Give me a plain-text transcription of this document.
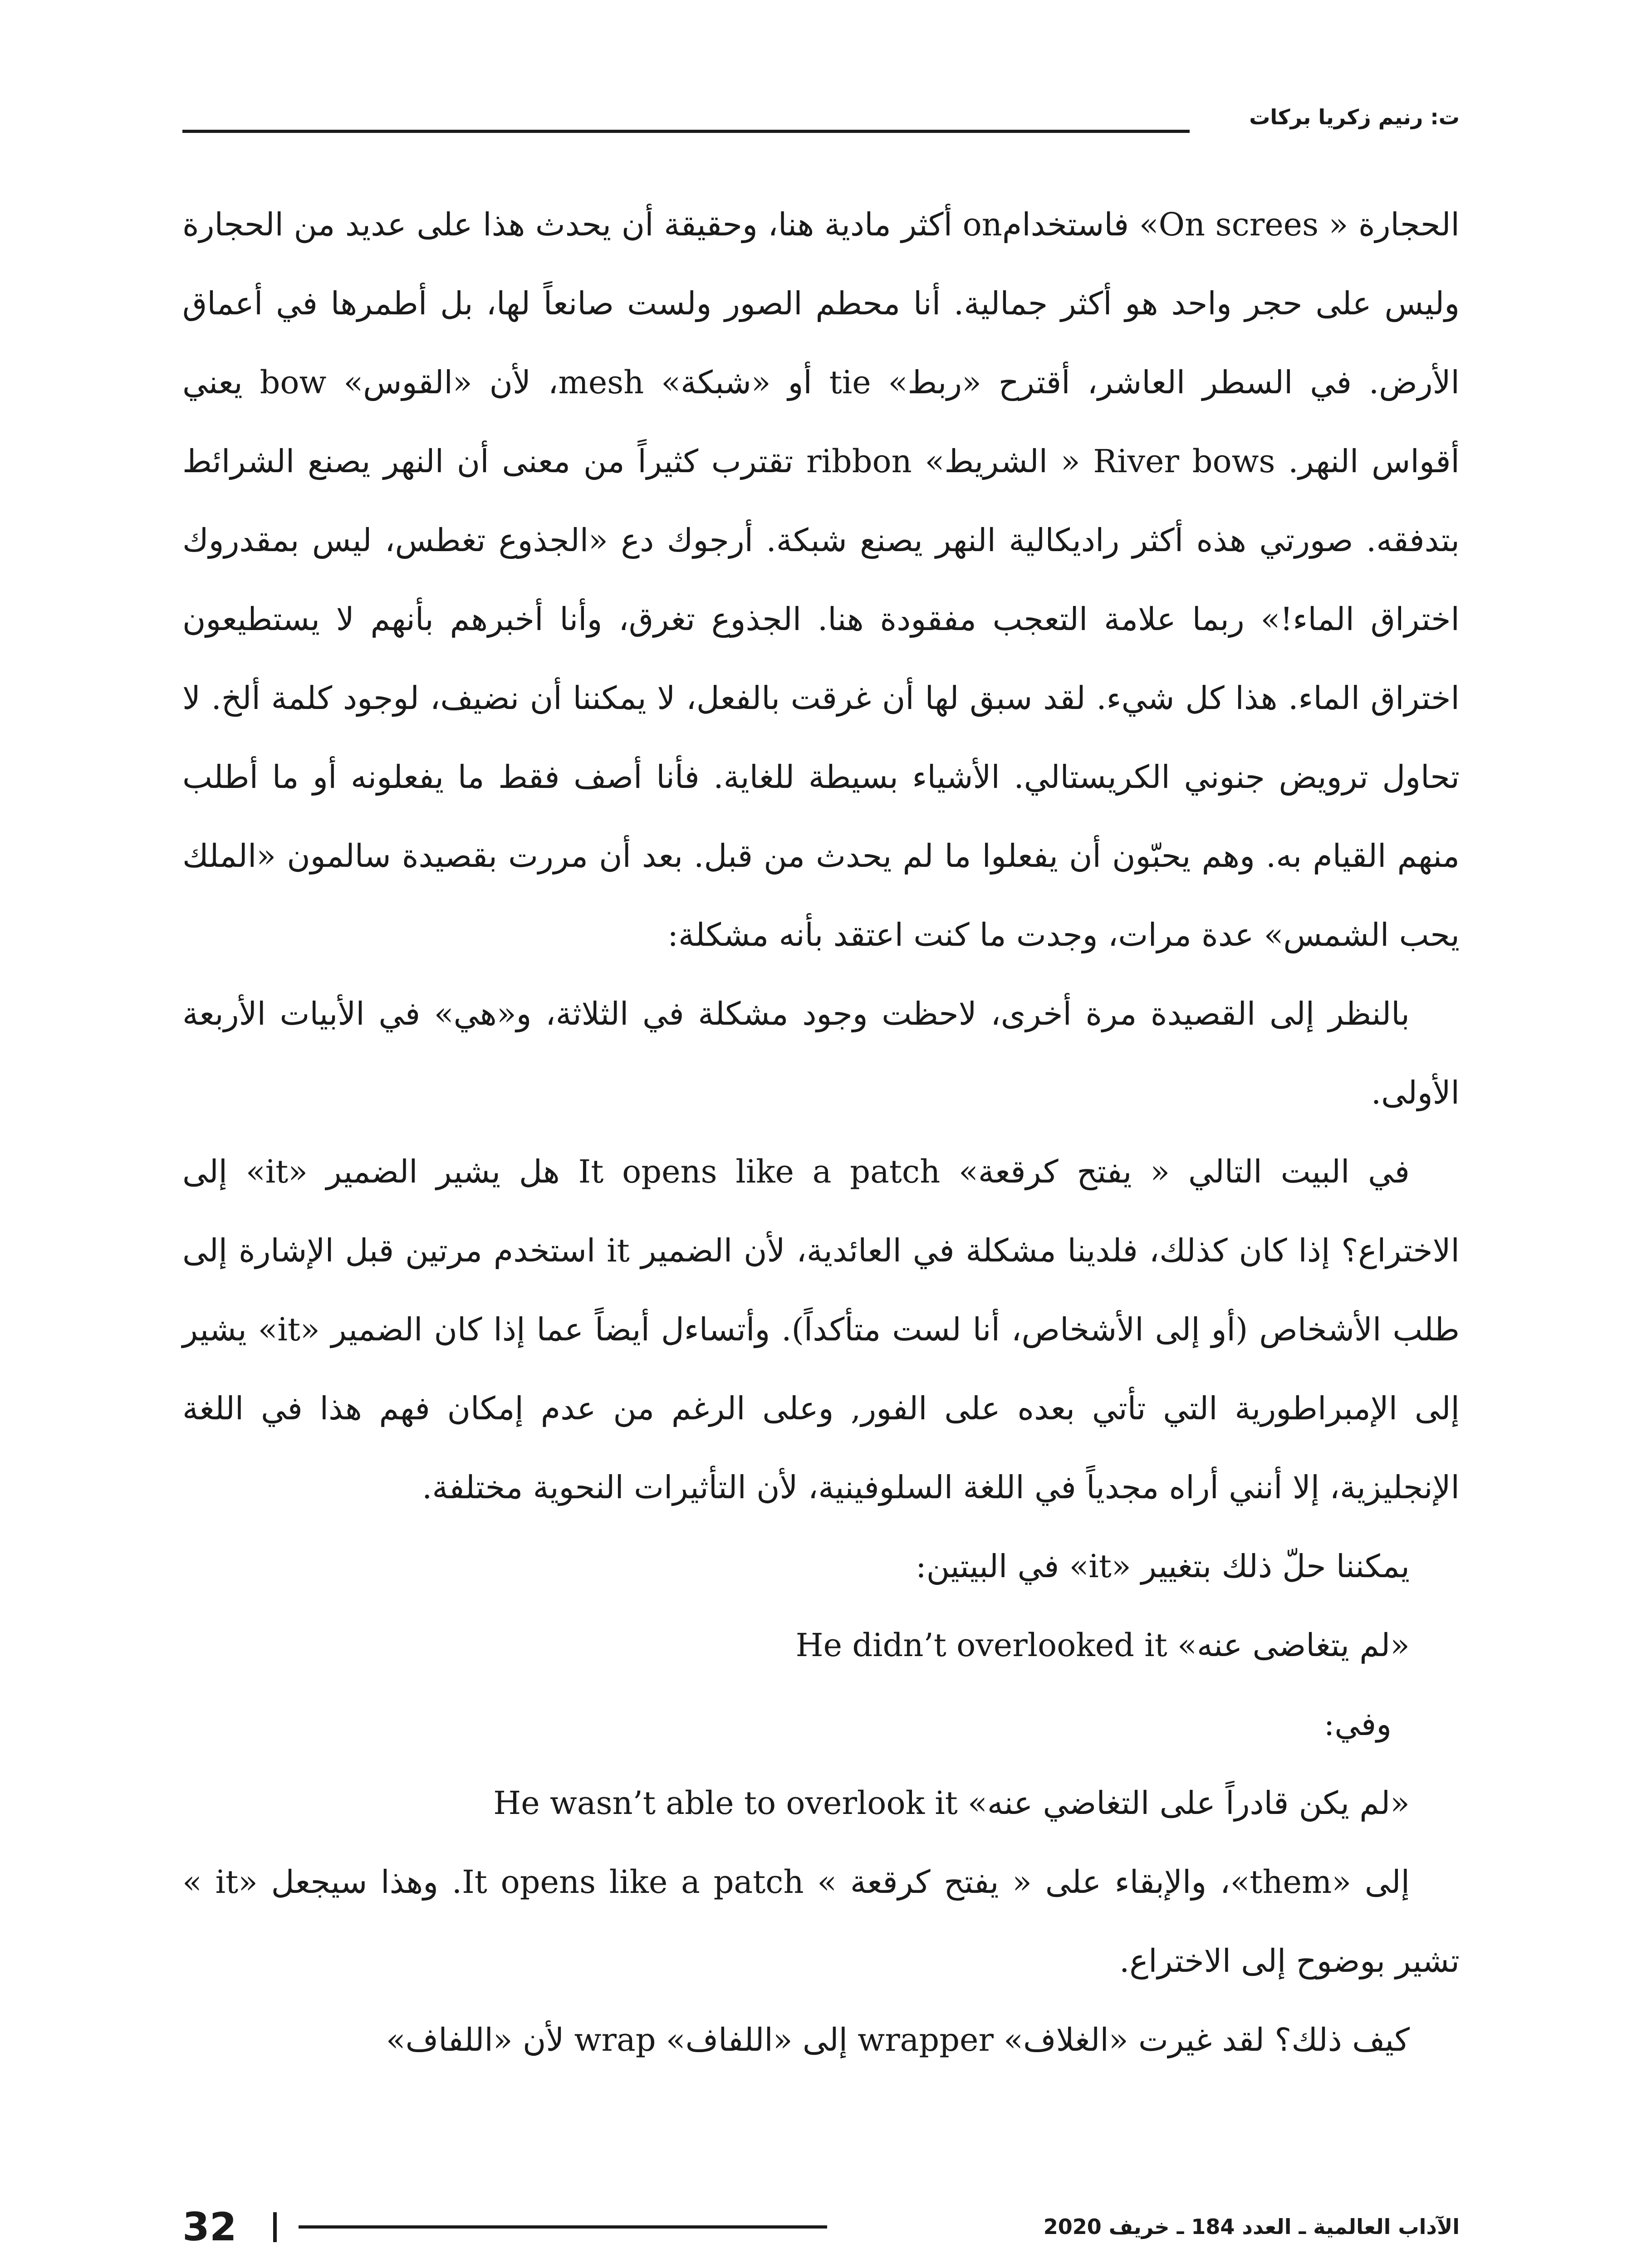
ت: رنيم زكريا بركات

الحجارة « On screes» فاستخدامon أكثر مادية هنا، وحقيقة أن يحدث هذا على عديد من الحجارة وليس على حجر واحد هو أكثر جمالية. أنا محطم الصور ولست صانعاً لها، بل أطمرها في أعماق الأرض. في السطر العاشر، أقترح «ربط» tie أو «شبكة» mesh، لأن «القوس» bow يعني أقواس النهر. River bows « الشريط» ribbon تقترب كثيراً من معنى أن النهر يصنع الشرائط بتدفقه. صورتي هذه أكثر راديكالية النهر يصنع شبكة. أرجوك دع «الجذوع تغطس، ليس بمقدروك اختراق الماء!» ربما علامة التعجب مفقودة هنا. الجذوع تغرق، وأنا أخبرهم بأنهم لا يستطيعون اختراق الماء. هذا كل شيء. لقد سبق لها أن غرقت بالفعل، لا يمكننا أن نضيف، لوجود كلمة ألخ. لا تحاول ترويض جنوني الكريستالي. الأشياء بسيطة للغاية. فأنا أصف فقط ما يفعلونه أو ما أطلب منهم القيام به. وهم يحبّون أن يفعلوا ما لم يحدث من قبل. بعد أن مررت بقصيدة سالمون «الملك يحب الشمس» عدة مرات، وجدت ما كنت اعتقد بأنه مشكلة:

بالنظر إلى القصيدة مرة أخرى، لاحظت وجود مشكلة في الثلاثة، و«هي» في الأبيات الأربعة الأولى.

في البيت التالي « يفتح كرقعة» It opens like a patch هل يشير الضمير «it» إلى الاختراع؟ إذا كان كذلك، فلدينا مشكلة في العائدية، لأن الضمير it استخدم مرتين قبل الإشارة إلى طلب الأشخاص (أو إلى الأشخاص، أنا لست متأكداً). وأتساءل أيضاً عما إذا كان الضمير «it» يشير إلى الإمبراطورية التي تأتي بعده على الفور, وعلى الرغم من عدم إمكان فهم هذا في اللغة الإنجليزية، إلا أنني أراه مجدياً في اللغة السلوفينية، لأن التأثيرات النحوية مختلفة.

يمكننا حلّ ذلك بتغيير «it» في البيتين:

«لم يتغاضى عنه» He didn’t overlooked it

وفي:

«لم يكن قادراً على التغاضي عنه» He wasn’t able to overlook it

إلى «them»، والإبقاء على « يفتح كرقعة » It opens like a patch. وهذا سيجعل «it » تشير بوضوح إلى الاختراع.

كيف ذلك؟ لقد غيرت «الغلاف» wrapper إلى «اللفاف» wrap لأن «اللفاف»

32	الآداب العالمية ـ العدد 184 ـ خريف 2020
